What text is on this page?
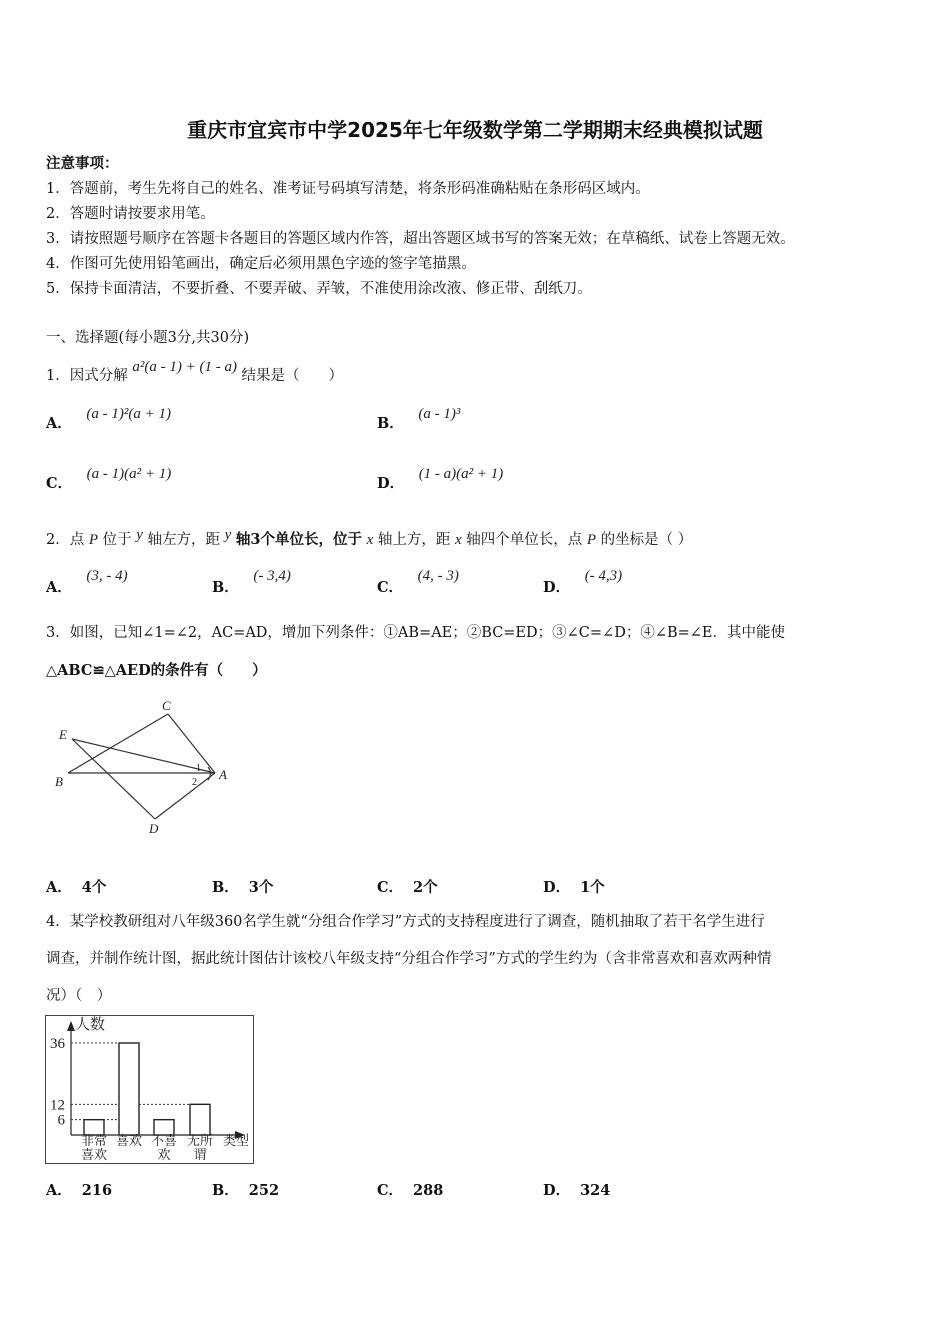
重庆市宜宾市中学2025年七年级数学第二学期期末经典模拟试题
注意事项：
1．答题前，考生先将自己的姓名、准考证号码填写清楚，将条形码准确粘贴在条形码区域内。
2．答题时请按要求用笔。
3．请按照题号顺序在答题卡各题目的答题区域内作答，超出答题区域书写的答案无效；在草稿纸、试卷上答题无效。
4．作图可先使用铅笔画出，确定后必须用黑色字迹的签字笔描黑。
5．保持卡面清洁，不要折叠、不要弄破、弄皱，不准使用涂改液、修正带、刮纸刀。
一、选择题(每小题3分,共30分)
1．因式分解 a²(a - 1) + (1 - a) 结果是（　　）
A． (a - 1)²(a + 1)
B． (a - 1)³
C． (a - 1)(a² + 1)
D． (1 - a)(a² + 1)
2．点 P 位于 y 轴左方，距 y 轴3个单位长，位于 x 轴上方，距 x 轴四个单位长，点 P 的坐标是（ ）
A． (3, - 4)
B． (- 3,4)
C． (4, - 3)
D． (- 4,3)
3．如图，已知∠1=∠2，AC=AD，增加下列条件：①AB=AE；②BC=ED；③∠C=∠D；④∠B=∠E．其中能使
△ABC≌△AED的条件有（　　）
C
E
B	A
D
1
2
A． 4个	B． 3个	C． 2个	D． 1个
4．某学校教研组对八年级360名学生就“分组合作学习”方式的支持程度进行了调查，随机抽取了若干名学生进行
调查，并制作统计图，据此统计图估计该校八年级支持“分组合作学习”方式的学生约为（含非常喜欢和喜欢两种情
况）（　）
人数
类型
6
12
36
非常
喜欢
喜欢 不喜
欢
无所
谓
A． 216	B． 252	C． 288	D． 324
